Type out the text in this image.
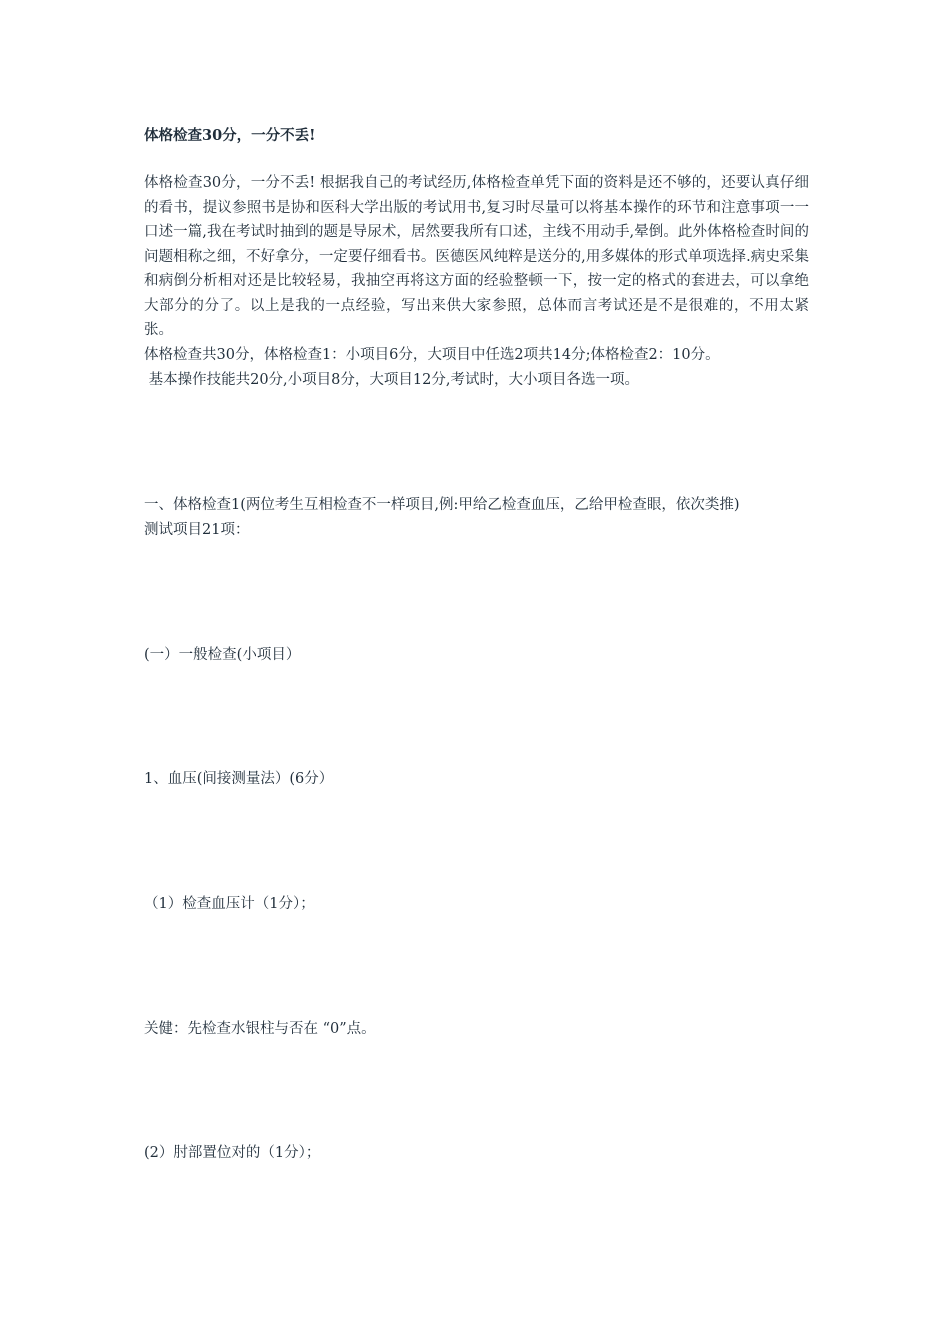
体格检查30分，一分不丢!

体格检查30分，一分不丢! 根据我自己的考试经历,体格检查单凭下面的资料是还不够的，还要认真仔细的看书，提议参照书是协和医科大学出版的考试用书,复习时尽量可以将基本操作的环节和注意事项一一口述一篇,我在考试时抽到的题是导尿术，居然要我所有口述，主线不用动手,晕倒。此外体格检查时间的问题相称之细，不好拿分，一定要仔细看书。医德医风纯粹是送分的,用多媒体的形式单项选择.病史采集和病倒分析相对还是比较轻易，我抽空再将这方面的经验整顿一下，按一定的格式的套进去，可以拿绝大部分的分了。以上是我的一点经验，写出来供大家参照，总体而言考试还是不是很难的，不用太紧张。

体格检查共30分，体格检查1：小项目6分，大项目中任选2项共14分;体格检查2：10分。

基本操作技能共20分,小项目8分，大项目12分,考试时，大小项目各选一项。

一、体格检查1(两位考生互相检查不一样项目,例:甲给乙检查血压，乙给甲检查眼，依次类推)

测试项目21项：

(一）一般检查(小项目）

1、血压(间接测量法）(6分）

（1）检查血压计（1分）；

关健：先检查水银柱与否在 “0”点。

(2）肘部置位对的（1分）；
